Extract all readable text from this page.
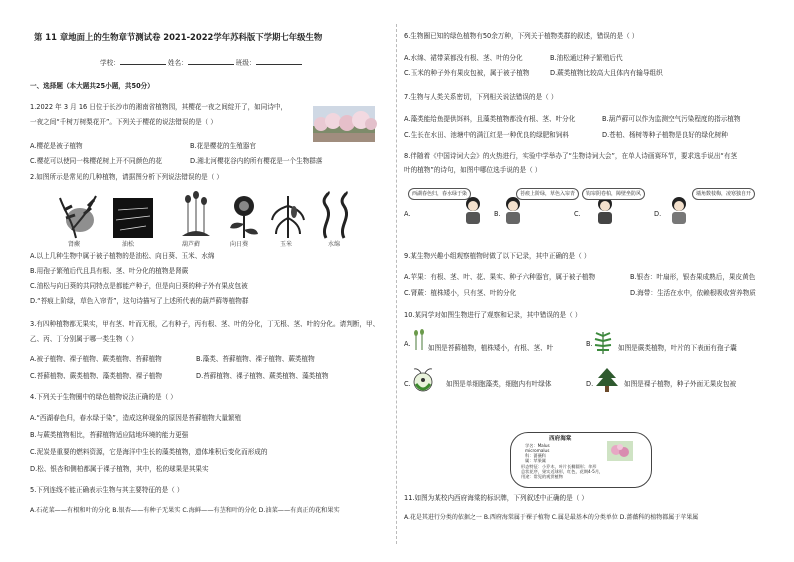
第 11 章地面上的生物章节测试卷 2021-2022学年苏科版下学期七年级生物
学校：	姓名：	班级：
一、选择题（本大题共25小题，共50分）
1.2022 年 3 月 16 日位于长沙市的湘南省植物园，其樱花一夜之间绽开了，如同诗中，
一夜之间“千树万树梨花开”。下列关于樱花的说法错误的是（ ）
A.樱花是被子植物	B.花是樱花的生殖器官
C.樱花可以使同一株樱花树上开不同颜色的花	D.湘北河樱花谷内的所有樱花是一个生物群落
2.如图所示是常见的几种植物，请据图分析下列说法错误的是（ ）
肾蕨	油松	葫芦藓	向日葵	玉米	水绵
A.以上几种生物中属于被子植物的是油松、向日葵、玉米、水绵
B.用孢子繁殖后代且具有根、茎、叶分化的植物是肾蕨
C.油松与向日葵的共同特点是都能产种子，但是向日葵的种子外有果皮包被
D.“苔痕上阶绿，草色入帘青”，这句诗描写了上述所代表的葫芦藓等植物群
3.有四种植物都无果实，甲有茎、叶而无根，乙有种子，丙有根、茎、叶的分化，丁无根、茎、叶的分化。请判断，甲、
乙、丙、丁分别属于哪一类生物（ ）
A.被子植物、裸子植物、蕨类植物、苔藓植物	B.藻类、苔藓植物、裸子植物、蕨类植物
C.苔藓植物、蕨类植物、藻类植物、裸子植物	D.苔藓植物、裸子植物、蕨类植物、藻类植物
4.下列关于生物圈中的绿色植物说法正确的是（ ）
A.“西湖春色归，春水绿于染”，造成这种现象的原因是苔藓植物大量繁殖
B.与蕨类植物相比，苔藓植物适应陆地环境的能力更强
C.泥炭是重要的燃料资源，它是海洋中生长的藻类植物，遗体堆积后变化而形成的
D.松、银杏和侧柏都属于裸子植物，其中，松的球果是其果实
5.下列连线不能正确表示生物与其主要特征的是（ ）
A.石花菜——有根和叶的分化 B.银杏——有种子无果实 C.海鲜——有茎和叶的分化 D.油菜——有真正的花和果实
6.生物圈已知的绿色植物有50余万种，下列关于植物类群的叙述，错误的是（ ）
A.水绵、裙带菜都没有根、茎、叶的分化	B.油松通过种子繁殖后代
C.玉米的种子外有果皮包被，属于被子植物	D.蕨类植物比较高大且体内有输导组织
7.生物与人类关系密切，下列相关说法错误的是（ ）
A.藻类能给鱼提供饵料，且藻类植物都没有根、茎、叶分化	B.葫芦藓可以作为监测空气污染程度的指示植物
C.生长在水田、池塘中的满江红是一种优良的绿肥和饲料	D.苍柏、杨树等种子植物是良好的绿化树种
8.伴随着《中国诗词大会》的火热进行，实验中学举办了“生物诗词大会”，在单人诗画赛环节，要求选手说出“有茎
叶的植物”的诗句，如图中哪位选手说的是（ ）
A.
西湖春色归，春水绿于染
B.
苔痕上阶绿，草色入帘青
C.
钩帘阴卷柏，障壁坐防风
D.
墙角数枝梅，凌寒独自开
9.某生物兴趣小组观察植物时做了以下记录，其中正确的是（ ）
A.苹果：有根、茎、叶、花、果实、种子六种器官，属于被子植物	B.银杏：叶扇形，银杏果成熟后，果皮黄色
C.肾蕨：植株矮小，只有茎、叶的分化	D.海带：生活在水中，依赖根吸收营养物质
10.某同学对如图生物进行了观察和记录，其中错误的是（ ）
A.	如图是苔藓植物，植株矮小，有根、茎、叶	B.	如图是蕨类植物，叶片的下表面有孢子囊
C.	如图是单细胞藻类，细胞内有叶绿体	D.	如图是裸子植物，种子外面无果皮包被
西府海棠
学名：Malus
micromalus
科：蔷薇科
属：苹果属
形态特征：小乔木，叶片长椭圆形；伞形
总状花序，果实近球形，红色，花期4-5月，
用途：常见的观赏植物
11.如图为某校内西府海棠的标识牌，下列叙述中正确的是（ ）
A.花是其进行分类的依据之一 B.西府海棠属于裸子植物 C.属是最基本的分类单位 D.蔷薇科的植物都属于苹果属
